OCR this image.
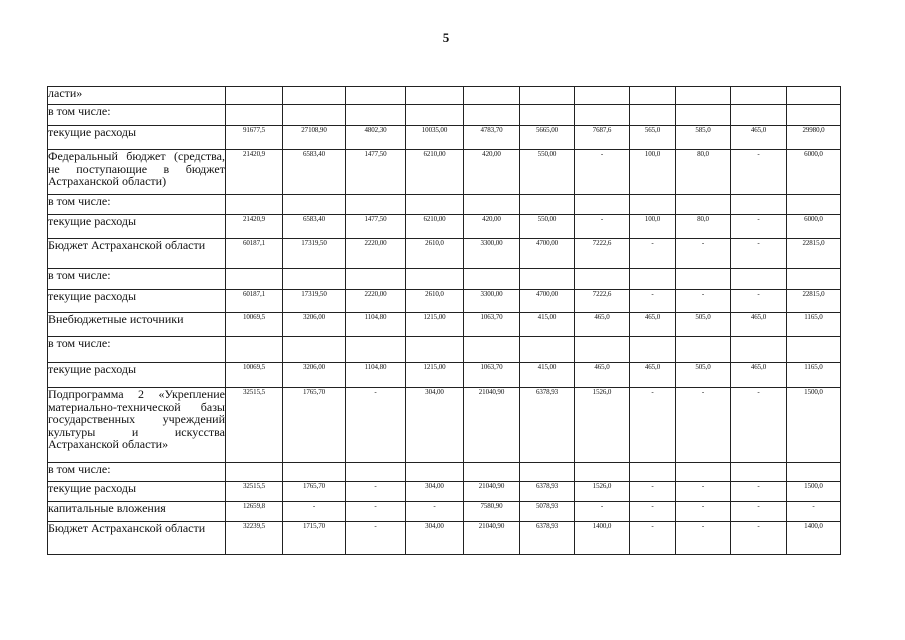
5
ласти»											
в том числе:											
текущие расходы	91677,5	27108,90	4802,30	10035,00	4783,70	5665,00	7687,6	565,0	585,0	465,0	29980,0
Федеральный бюджет (средства, не поступающие в бюджет Астраханской области)	21420,9	6583,40	1477,50	6210,00	420,00	550,00	-	100,0	80,0	-	6000,0
в том числе:											
текущие расходы	21420,9	6583,40	1477,50	6210,00	420,00	550,00	-	100,0	80,0	-	6000,0
Бюджет Астраханской области	60187,1	17319,50	2220,00	2610,0	3300,00	4700,00	7222,6	-	-	-	22815,0
в том числе:											
текущие расходы	60187,1	17319,50	2220,00	2610,0	3300,00	4700,00	7222,6	-	-	-	22815,0
Внебюджетные источники	10069,5	3206,00	1104,80	1215,00	1063,70	415,00	465,0	465,0	505,0	465,0	1165,0
в том числе:											
текущие расходы	10069,5	3206,00	1104,80	1215,00	1063,70	415,00	465,0	465,0	505,0	465,0	1165,0
Подпрограмма 2 «Укрепление материально-технической базы государственных учреждений культуры и искусства Астраханской области»	32515,5	1765,70	-	304,00	21040,90	6378,93	1526,0	-	-	-	1500,0
в том числе:											
текущие расходы	32515,5	1765,70	-	304,00	21040,90	6378,93	1526,0	-	-	-	1500,0
капитальные вложения	12659,8	-	-	-	7580,90	5078,93	-	-	-	-	-
Бюджет Астраханской области	32239,5	1715,70	-	304,00	21040,90	6378,93	1400,0	-	-	-	1400,0
